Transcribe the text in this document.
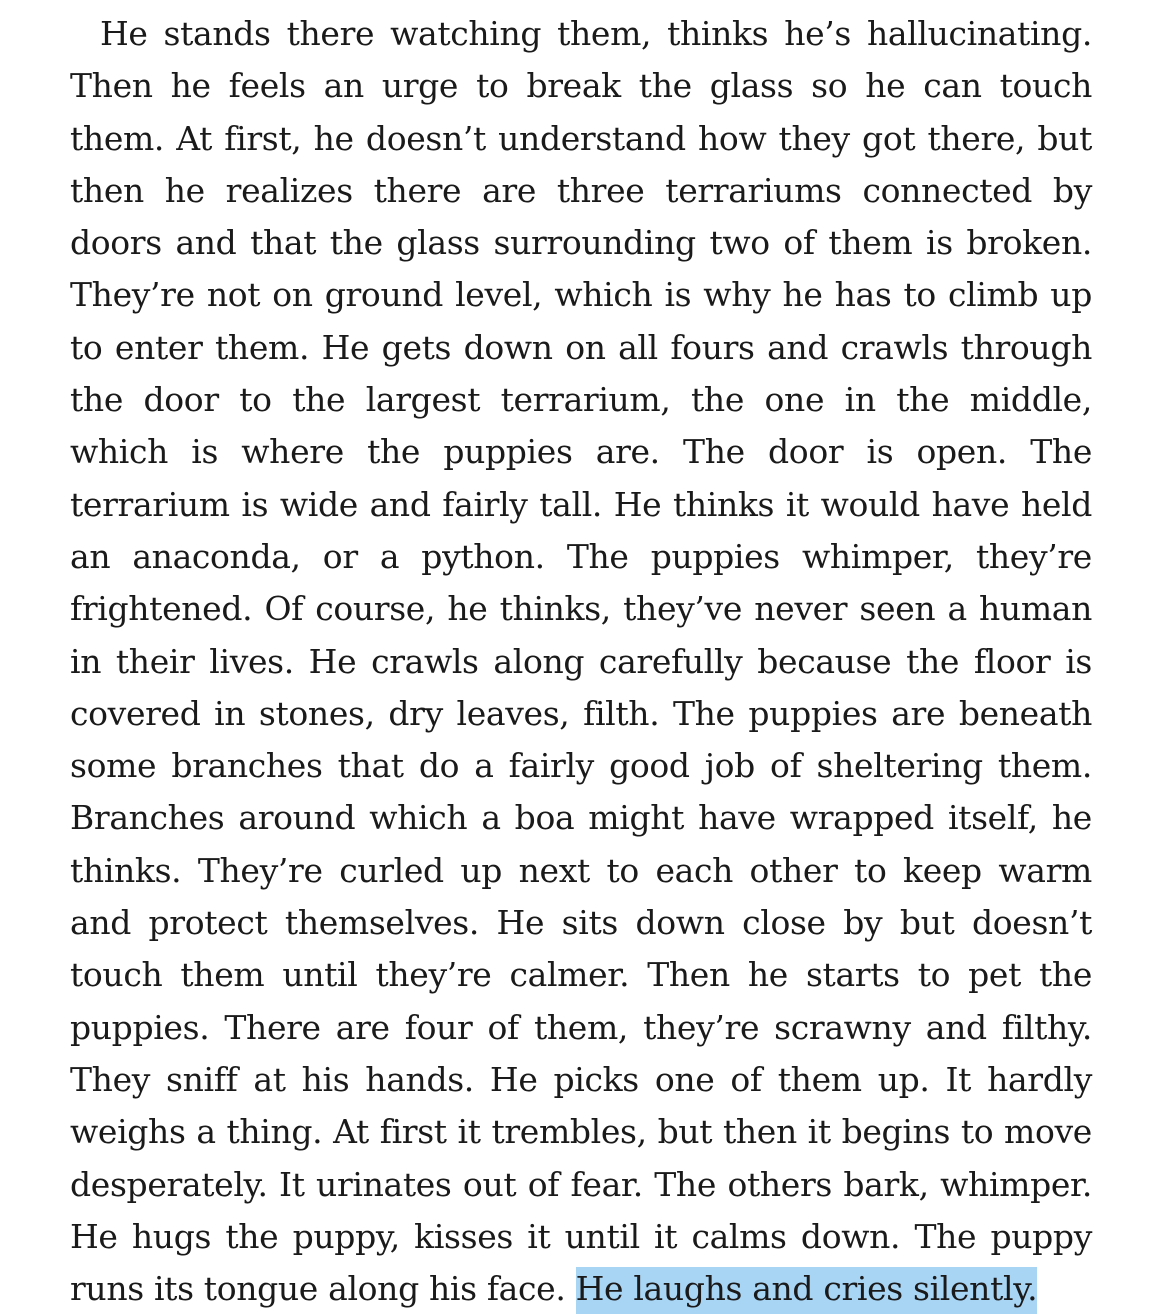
He stands there watching them, thinks he’s hallucinating. Then he feels an urge to break the glass so he can touch them. At first, he doesn’t understand how they got there, but then he realizes there are three terrariums connected by doors and that the glass surrounding two of them is broken. They’re not on ground level, which is why he has to climb up to enter them. He gets down on all fours and crawls through the door to the largest terrarium, the one in the middle, which is where the puppies are. The door is open. The terrarium is wide and fairly tall. He thinks it would have held an anaconda, or a python. The puppies whimper, they’re frightened. Of course, he thinks, they’ve never seen a human in their lives. He crawls along carefully because the floor is covered in stones, dry leaves, filth. The puppies are beneath some branches that do a fairly good job of sheltering them. Branches around which a boa might have wrapped itself, he thinks. They’re curled up next to each other to keep warm and protect themselves. He sits down close by but doesn’t touch them until they’re calmer. Then he starts to pet the puppies. There are four of them, they’re scrawny and filthy. They sniff at his hands. He picks one of them up. It hardly weighs a thing. At first it trembles, but then it begins to move desperately. It urinates out of fear. The others bark, whimper. He hugs the puppy, kisses it until it calms down. The puppy runs its tongue along his face. He laughs and cries silently.
